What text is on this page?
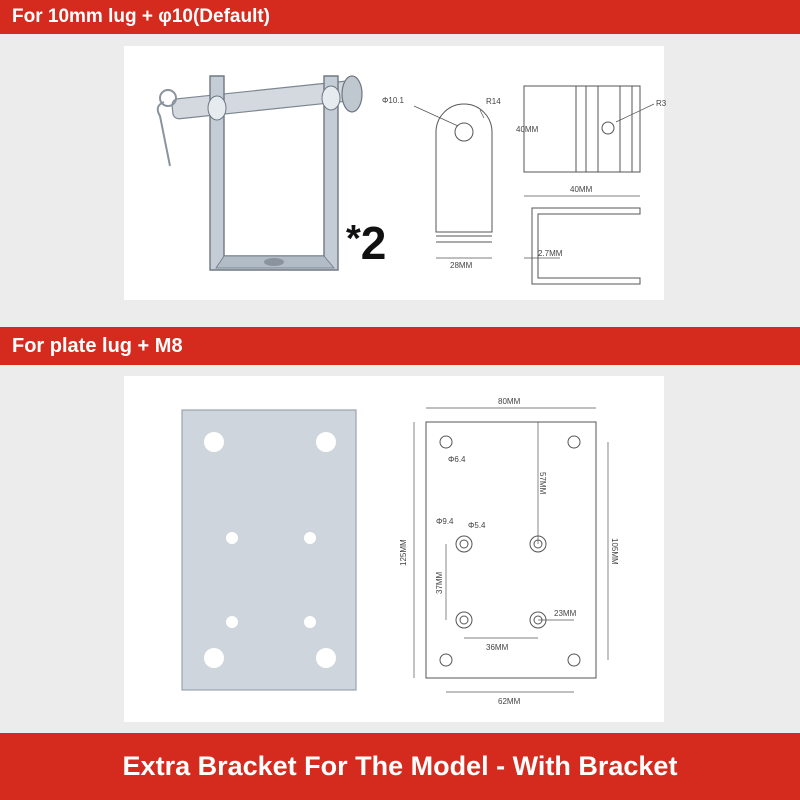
For 10mm lug + φ10(Default)
Φ10.1	R14
28MM
40MM
R3
40MM
2.7MM
*2
For plate lug + M8
80MM
125MM
Φ6.4
57MM
Φ9.4 Φ5.4
37MM
36MM
23MM
105MM
62MM
Extra Bracket For The Model - With Bracket
